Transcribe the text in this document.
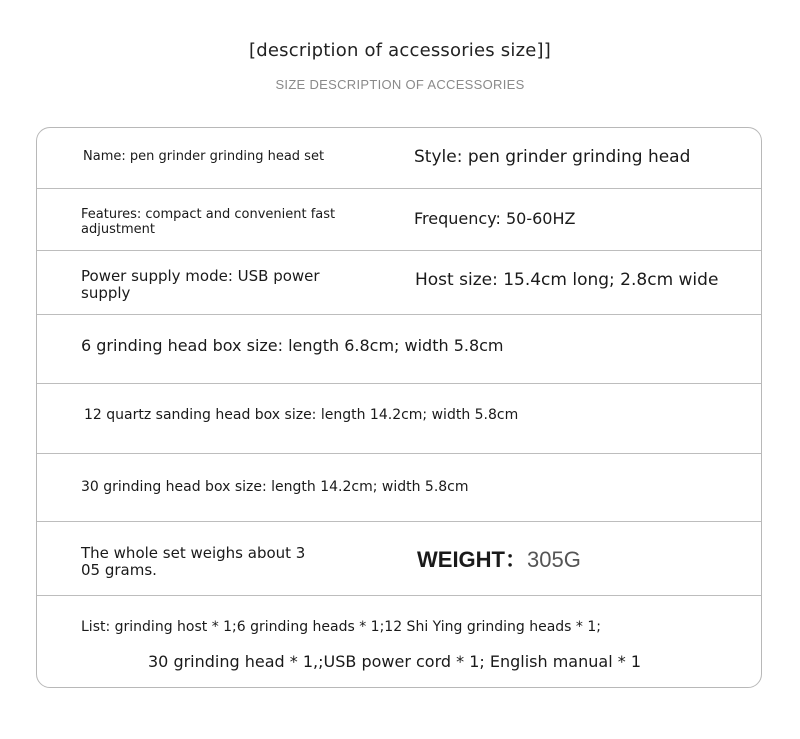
[description of accessories size]]
SIZE DESCRIPTION OF ACCESSORIES
Name: pen grinder grinding head set	Style: pen grinder grinding head
Features: compact and convenient fast
adjustment
Frequency: 50-60HZ
Power supply mode: USB power
supply
Host size: 15.4cm long; 2.8cm wide
6 grinding head box size: length 6.8cm; width 5.8cm
12 quartz sanding head box size: length 14.2cm; width 5.8cm
30 grinding head box size: length 14.2cm; width 5.8cm
The whole set weighs about 3
05 grams.	WEIGHT：305G
List: grinding host * 1;6 grinding heads * 1;12 Shi Ying grinding heads * 1;
30 grinding head * 1,;USB power cord * 1; English manual * 1
